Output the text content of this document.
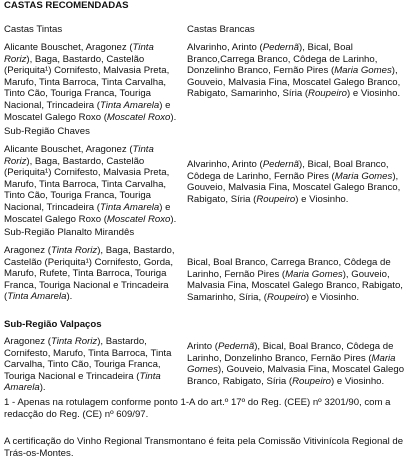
CASTAS RECOMENDADAS
Castas Tintas	Castas Brancas
Alicante Bouschet, Aragonez (Tinta Roriz), Baga, Bastardo, Castelão (Periquita¹) Cornifesto, Malvasia Preta, Marufo, Tinta Barroca, Tinta Carvalha, Tinto Cão, Touriga Franca, Touriga Nacional, Trincadeira (Tinta Amarela) e Moscatel Galego Roxo (Moscatel Roxo).
Alvarinho, Arinto (Pedernã), Bical, Boal Branco,Carrega Branco, Côdega de Larinho, Donzelinho Branco, Fernão Pires (Maria Gomes), Gouveio, Malvasia Fina, Moscatel Galego Branco, Rabigato, Samarinho, Síria (Roupeiro) e Viosinho.
Sub-Região Chaves
Alicante Bouschet, Aragonez (Tinta Roriz), Baga, Bastardo, Castelão (Periquita¹) Cornifesto, Malvasia Preta, Marufo, Tinta Barroca, Tinta Carvalha, Tinto Cão, Touriga Franca, Touriga Nacional, Trincadeira (Tinta Amarela) e Moscatel Galego Roxo (Moscatel Roxo).
Alvarinho, Arinto (Pedernã), Bical, Boal Branco, Côdega de Larinho, Fernão Pires (Maria Gomes), Gouveio, Malvasia Fina, Moscatel Galego Branco, Rabigato, Síria (Roupeiro) e Viosinho.
Sub-Região Planalto Mirandês
Aragonez (Tinta Roriz), Baga, Bastardo, Castelão (Periquita¹) Cornifesto, Gorda, Marufo, Rufete, Tinta Barroca, Touriga Franca, Touriga Nacional e Trincadeira (Tinta Amarela).
Bical, Boal Branco, Carrega Branco, Côdega de Larinho, Fernão Pires (Maria Gomes), Gouveio, Malvasia Fina, Moscatel Galego Branco, Rabigato, Samarinho, Síria, (Roupeiro) e Viosinho.
Sub-Região Valpaços
Aragonez (Tinta Roriz), Bastardo, Cornifesto, Marufo, Tinta Barroca, Tinta Carvalha, Tinto Cão, Touriga Franca, Touriga Nacional e Trincadeira (Tinta Amarela).
Arinto (Pedernã), Bical, Boal Branco, Côdega de Larinho, Donzelinho Branco, Fernão Pires (Maria Gomes), Gouveio, Malvasia Fina, Moscatel Galego Branco, Rabigato, Síria (Roupeiro) e Viosinho.
1 - Apenas na rotulagem conforme ponto 1-A do art.º 17º do Reg. (CEE) nº 3201/90, com a redacção do Reg. (CE) nº 609/97.
A certificação do Vinho Regional Transmontano é feita pela Comissão Vitivinícola Regional de Trás-os-Montes.
